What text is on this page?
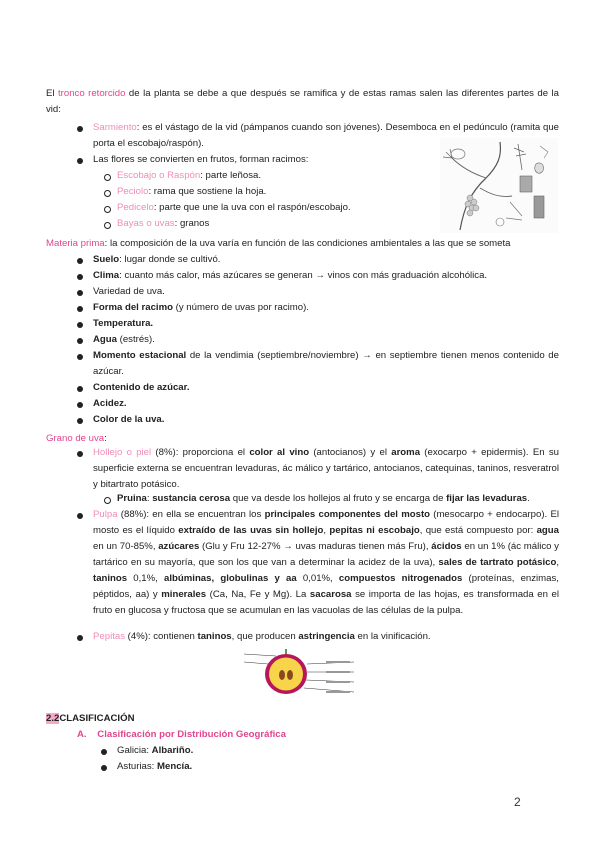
El tronco retorcido de la planta se debe a que después se ramifica y de estas ramas salen las diferentes partes de la vid:
Sarmiento: es el vástago de la vid (pámpanos cuando son jóvenes). Desemboca en el pedúnculo (ramita que porta el escobajo/raspón).
Las flores se convierten en frutos, forman racimos:
Escobajo o Raspón: parte leñosa.
Peciolo: rama que sostiene la hoja.
Pedicelo: parte que une la uva con el raspón/escobajo.
Bayas o uvas: granos
Materia prima: la composición de la uva varía en función de las condiciones ambientales a las que se someta
Suelo: lugar donde se cultivó.
Clima: cuanto más calor, más azúcares se generan → vinos con más graduación alcohólica.
Variedad de uva.
Forma del racimo (y número de uvas por racimo).
Temperatura.
Agua (estrés).
Momento estacional de la vendimia (septiembre/noviembre) → en septiembre tienen menos contenido de azúcar.
Contenido de azúcar.
Acidez.
Color de la uva.
Grano de uva:
Hollejo o piel (8%): proporciona el color al vino (antocianos) y el aroma (exocarpo + epidermis). En su superficie externa se encuentran levaduras, ác málico y tartárico, antocianos, catequinas, taninos, resveratrol y bitartrato potásico.
Pruina: sustancia cerosa que va desde los hollejos al fruto y se encarga de fijar las levaduras.
Pulpa (88%): en ella se encuentran los principales componentes del mosto (mesocarpo + endocarpo). El mosto es el líquido extraído de las uvas sin hollejo, pepitas ni escobajo, que está compuesto por: agua en un 70-85%, azúcares (Glu y Fru 12-27% → uvas maduras tienen más Fru), ácidos en un 1% (ác málico y tartárico en su mayoría, que son los que van a determinar la acidez de la uva), sales de tartrato potásico, taninos 0,1%, albúminas, globulinas y aa 0,01%, compuestos nitrogenados (proteínas, enzimas, péptidos, aa) y minerales (Ca, Na, Fe y Mg). La sacarosa se importa de las hojas, es transformada en el fruto en glucosa y fructosa que se acumulan en las vacuolas de las células de la pulpa.
Pepitas (4%): contienen taninos, que producen astringencia en la vinificación.
2.2CLASIFICACIÓN
A. Clasificación por Distribución Geográfica
Galicia: Albariño.
Asturias: Mencía.
2
